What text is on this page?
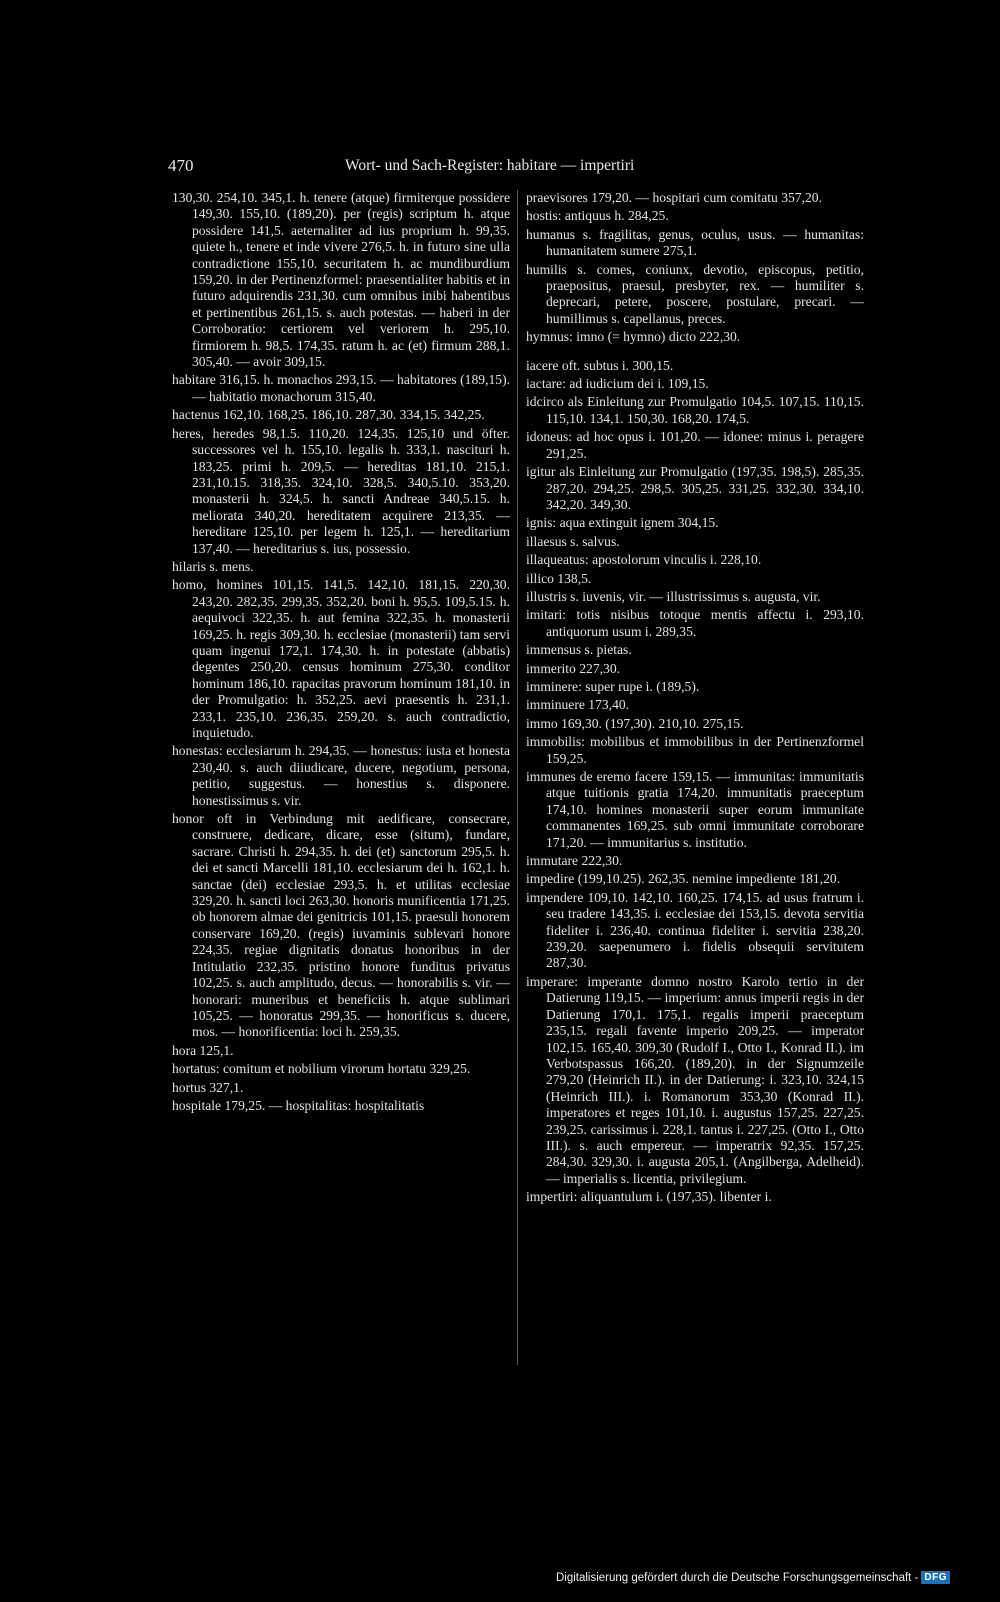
470	Wort- und Sach-Register: habitare — impertiri

130,30. 254,10. 345,1. h. tenere (atque) firmiterque possidere 149,30. 155,10. (189,20). per (regis) scriptum h. atque possidere 141,5. aeternaliter ad ius proprium h. 99,35. quiete h., tenere et inde vivere 276,5. h. in futuro sine ulla contradictione 155,10. securitatem h. ac mundiburdium 159,20. in der Pertinenzformel: praesentialiter habitis et in futuro adquirendis 231,30. cum omnibus inibi habentibus et pertinentibus 261,15. s. auch potestas. — haberi in der Corroboratio: certiorem vel veriorem h. 295,10. firmiorem h. 98,5. 174,35. ratum h. ac (et) firmum 288,1. 305,40. — avoir 309,15.

habitare 316,15. h. monachos 293,15. — habitatores (189,15). — habitatio monachorum 315,40.

hactenus 162,10. 168,25. 186,10. 287,30. 334,15. 342,25.

heres, heredes 98,1.5. 110,20. 124,35. 125,10 und öfter. successores vel h. 155,10. legalis h. 333,1. nasciturі h. 183,25. primi h. 209,5. — hereditas 181,10. 215,1. 231,10.15. 318,35. 324,10. 328,5. 340,5.10. 353,20. monasterii h. 324,5. h. sancti Andreae 340,5.15. h. meliorata 340,20. hereditatem acquirere 213,35. — hereditare 125,10. per legem h. 125,1. — hereditarium 137,40. — hereditarius s. ius, possessio.

hilaris s. mens.

homo, homines 101,15. 141,5. 142,10. 181,15. 220,30. 243,20. 282,35. 299,35. 352,20. boni h. 95,5. 109,5.15. h. aequivoci 322,35. h. aut femina 322,35. h. monasterii 169,25. h. regis 309,30. h. ecclesiae (monasterii) tam servi quam ingenui 172,1. 174,30. h. in potestate (abbatis) degentes 250,20. census hominum 275,30. conditor hominum 186,10. rapacitas pravorum hominum 181,10. in der Promulgatio: h. 352,25. aevi praesentis h. 231,1. 233,1. 235,10. 236,35. 259,20. s. auch contradictio, inquietudo.

honestas: ecclesiarum h. 294,35. — honestus: iusta et honesta 230,40. s. auch diiudicare, ducere, negotium, persona, petitio, suggestus. — honestius s. disponere. honestissimus s. vir.

honor oft in Verbindung mit aedificare, consecrare, construere, dedicare, dicare, esse (situm), fundare, sacrare. Christi h. 294,35. h. dei (et) sanctorum 295,5. h. dei et sancti Marcelli 181,10. ecclesiarum dei h. 162,1. h. sanctae (dei) ecclesiae 293,5. h. et utilitas ecclesiae 329,20. h. sancti loci 263,30. honoris munificentia 171,25. ob honorem almae dei genitricis 101,15. praesuli honorem conservare 169,20. (regis) iuvaminis sublevari honore 224,35. regiae dignitatis donatus honoribus in der Intitulatio 232,35. pristino honore funditus privatus 102,25. s. auch amplitudo, decus. — honorabilis s. vir. — honorari: muneribus et beneficiis h. atque sublimari 105,25. — honoratus 299,35. — honorificus s. ducere, mos. — honorificentia: loci h. 259,35.

hora 125,1.

hortatus: comitum et nobilium virorum hortatu 329,25.

hortus 327,1.

hospitale 179,25. — hospitalitas: hospitalitatis

praevisores 179,20. — hospitari cum comitatu 357,20.

hostis: antiquus h. 284,25.

humanus s. fragilitas, genus, oculus, usus. — humanitas: humanitatem sumere 275,1.

humilis s. comes, coniunx, devotio, episcopus, petitio, praepositus, praesul, presbyter, rex. — humiliter s. deprecari, petere, poscere, postulare, precari. — humillimus s. capellanus, preces.

hymnus: imno (= hymno) dicto 222,30.

iacere oft. subtus i. 300,15.

iactare: ad iudicium dei i. 109,15.

idcirco als Einleitung zur Promulgatio 104,5. 107,15. 110,15. 115,10. 134,1. 150,30. 168,20. 174,5.

idoneus: ad hoc opus i. 101,20. — idonee: minus i. peragere 291,25.

igitur als Einleitung zur Promulgatio (197,35. 198,5). 285,35. 287,20. 294,25. 298,5. 305,25. 331,25. 332,30. 334,10. 342,20. 349,30.

ignis: aqua extinguit ignem 304,15.

illaesus s. salvus.

illaqueatus: apostolorum vinculis i. 228,10.

illico 138,5.

illustris s. iuvenis, vir. — illustrissimus s. augusta, vir.

imitari: totis nisibus totoque mentis affectu i. 293,10. antiquorum usum i. 289,35.

immensus s. pietas.

immerito 227,30.

imminere: super rupe i. (189,5).

imminuere 173,40.

immo 169,30. (197,30). 210,10. 275,15.

immobilis: mobilibus et immobilibus in der Pertinenzformel 159,25.

immunes de eremo facere 159,15. — immunitas: immunitatis atque tuitionis gratia 174,20. immunitatis praeceptum 174,10. homines monasterii super eorum immunitate commanentes 169,25. sub omni immunitate corroborare 171,20. — immunitarius s. institutio.

immutare 222,30.

impedire (199,10.25). 262,35. nemine impediente 181,20.

impendere 109,10. 142,10. 160,25. 174,15. ad usus fratrum i. seu tradere 143,35. i. ecclesiae dei 153,15. devota servitia fideliter i. 236,40. continua fideliter i. servitia 238,20. 239,20. saepenumero i. fidelis obsequii servitutem 287,30.

imperare: imperante domno nostro Karolo tertio in der Datierung 119,15. — imperium: annus imperii regis in der Datierung 170,1. 175,1. regalis imperii praeceptum 235,15. regali favente imperio 209,25. — imperator 102,15. 165,40. 309,30 (Rudolf I., Otto I., Konrad II.). im Verbotspassus 166,20. (189,20). in der Signumzeile 279,20 (Heinrich II.). in der Datierung: i. 323,10. 324,15 (Heinrich III.). i. Romanorum 353,30 (Konrad II.). imperatores et reges 101,10. i. augustus 157,25. 227,25. 239,25. carissimus i. 228,1. tantus i. 227,25. (Otto I., Otto III.). s. auch empereur. — imperatrix 92,35. 157,25. 284,30. 329,30. i. augusta 205,1. (Angilberga, Adelheid). — imperialis s. licentia, privilegium.

impertiri: aliquantulum i. (197,35). libenter i.

Digitalisierung gefördert durch die Deutsche Forschungsgemeinschaft - DFG
